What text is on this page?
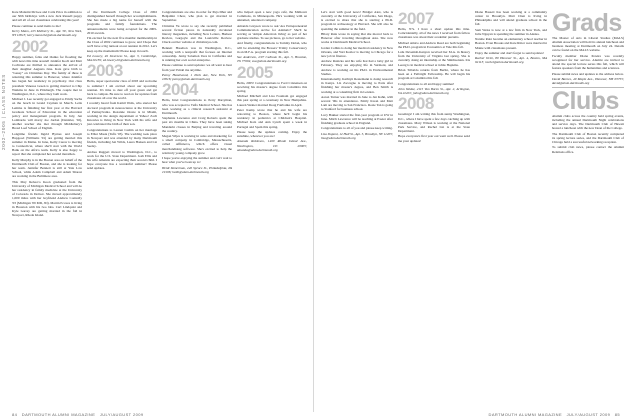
2002–2005 | CLASS NOTES

Kate Matteini McGee and Carla Price in addition to our 50th birthdays with a new Jack Russell puppy and tell all of our classmates celebrating this year!

Please continue to send items to me!

Kerry Mann, 225 Mulberry St., Apt. 5E, New York, NY 10013; kerry.mann.02@alum.dartmouth.org

2002

Happy summer, folks and thanks for flooding me with news this time around! Jennifer Koch and Matt Cochrane are thrilled to announce the arrival of their daughter Augusta Jane. Kate gave birth to "Gussy" on Christmas Day. The family of three is returning this summer to Hanover, where Jennifer has begun her residency in psychiatry. Our class president Vanessa Green is getting married to Chip Watkins in June in Pittsburgh. The couple met in Washington, D.C., where they both work.

Michael J. Lee recently got engaged to Emily Sachs on the beach in Grand Cayman in March. Leila Lemme is finishing her first year at the Harvard Graduate School of Education in the education policy and management program. In July, Jen Lombardo will marry Joe Jordan (Dantzler, '02), another teacher she met through Middlebury's Bread Loaf School of English.

Longtime friends Ingrid Byrnes and Joseph Hapgood (Williams '01) are getting married this summer in Maine. In June, Kelly Carew is moving to Connecticut, where she'll start with the World Bank on the Africa team. Kelly is also happy to report that she completed her second marathon.

Kelly Murphy is in the Boston area on behalf of the Dartmouth Club of Boston, and she is looking for her team. Jennifer Bennett is still at Yale Law School, while Adam Campbell and Adam Sharon are working in the Baltimore area.

This May Rebecca Koon graduated from the University of Michigan Medical School and will do her residency in family medicine at the University of Colorado in Denver. She moved approximately 1,000 miles with her boyfriend Andrew Connolly '03 (Michigan '09 MD, JD). Martin Ecoves is living in Houston with his two labs. Carl Lindquist and Kyle Garrey are getting married in the fall in Newport, Rhode Island.

of the Dartmouth College Class of 2002 distinguished herself through her accomplishments. She has made a big name for herself with the programs and family foundations. The announcements were being accepted for the 2009-2010 awards.

I'm excited for the next five months: membership in the Class of 2002 continues to grow, and I hope that we'll have a big turnout at our reunion in 2012. Let's keep up the momentum! Please keep in touch.

Ed Lowery, 49 Inverness St., Apt. 3, Cambridge, MA 02139; ed.lowery.02@alum.dartmouth.org

2003

Hello, super spectacular class of 2003 and welcome to summer! I am excited about our upcoming reunion. It's time to dust off your green and get back to campus. Be sure to read on for updates from classmates all over the world.

I recently heard from Kamil Wolk, who started her doctoral program in neuroscience at the University of Pennsylvania. Roxanne Oreste is in Miami, working in the design department at Yahoo! Zach Knowles is living in New York with his wife and just celebrated the birth of their son.

Congratulations to Lauren Cashin on her marriage to Elliot Masia (Tufts '03). The wedding took place in Newport and was attended by many Dartmouth friends, including Jen Wilds, Laura Hansen and Liz Seeley.

Andrea Ruggeri moved to Washington, D.C., to work for the U.S. State Department. Josh Ellis and his wife Amanda are expecting their second child. I hope everyone has a wonderful summer! Please send updates.

Congratulations are also in order for Puja Dhar and Benjamin Chew, who plan to get married in September.

Christina Yu wrote to say she recently published several fiction pieces in nationally circulated literary magazines, including New Letters, Hudson Review, Gargoyle and the Louisville Review. Check out her website at christinayu.com.

Bennett Haselton was in Washington, D.C., working with a nonprofit that focuses on Internet censorship. Jenny Salomon lives in California and is running her own social enterprise.

Please continue to send updates: we all want to hear from you! Email me anytime.

Penny Haselwood, 1 Park Ave, New York, NY 10016; penny@alum.dartmouth.org

2004

Hello, Intel Congratulations to Perry Darryman, who was accepted to Tufts Medical School. She has been working as a clinical research assistant at Dartmouth.

Stephanie Lawrence and Craig Roberts spent the past six months in China. They have been taking Mandarin classes in Beijing and traveling around the country.

Megan Wijes is working in sales and marketing for a small company in Cambridge, Massachusetts, called Affinnova, which offers visual merchandising software. She's excited to help the relatively young company grow.

I hope you're enjoying the summer and can't wait to hear what you've been up to!

Heidi Immerman, 240 Spruce St., Philadelphia, PA 19106; heidi@alum.dartmouth.org

who helped open a new yoga café, the Midtown Commons, in Minneapolis. He's working with an unnamed, unrelated company.

Amanda Grayson wrote to ask 'Are Entrepreneurial Communication Active for Animals?' She'll be serving as 'simple American living' as part of her graduate studies. To see pictures, go to her website.

And finally, congratulations to Tommy Dolan, who will be attending the Bowers' Trinity Conservatory in an M.F.A. program starting this fall.

Sue Anderson, 2/97 Calhoun St., Apt. 3, Houston, TX 77004; sue@alum.dartmouth.org

2005

Hello, 2005! Congratulations to Ford Cristensen on receiving his master's degree from Columbia this spring.

Michael Mitchell and Lisa Fountain got engaged this past spring at a ceremony in New Hampshire. Lauren Weiner married Doug Fairbanks in April.

Peter Kemp wrote that he and his wife are relocating to Boston, where he'll begin his residency in pediatrics at Children's Hospital. Michael Katz and Ann Lynch spent a week in Portugal and Spain this spring.

Please keep the updates coming. Enjoy the sunshine, wherever you are!

Amanda Robinson, 1400 Rhode Island Ave., Washington, DC 20005; amanda@alum.dartmouth.org

84 DARTMOUTH ALUMNI MAGAZINE JULY/AUGUST 2009

Let's start with good news! Bridget Alex, who is currently at the University of California, San Diego, is excited to share that she is starting a Ph.D. program in archaeology at Harvard. She will also be spending the summer in the field.

Hilary Rule wrote in saying that she moved back to Hanover after traveling throughout Asia. She now works at Dartmouth Medical School.

Jordan Collins is doing her medical residency in New Orleans, and Yuri Kozlov is moving to Chicago for a new job in finance.

Andrew Ruzicka and his wife Kat had a baby girl in February. They are enjoying life in Vermont, and Andrew is working on his Ph.D. in Environmental Studies.

Internationally, Kathryn Reatemann is doing research in Kenya. Liz Zaccagno is moving to Paris after finishing her master's degree, and Ben Smith is working at a consulting firm in London.

Aaron Turner was married in June to Jen Kahn, with several '06s in attendance. Emily Kwan and Matt Lam are moving to San Francisco. Rosie Tan is going to Stanford for business school.

Lucy Bakker started the first-year program at UW in June. Mitch Lawrence will be teaching at Exeter after finishing graduate school in England.

Congratulations to all of you and please keep writing.

Lisa Dupont, 12 Hall St., Apt. 5, Brooklyn, NY 11205; lisa@alum.dartmouth.org

2007

Hello, '07s. I have a short update this time. Coincidentally, all of the news I received from fellow classmates was about their academic pursuits.

Michael Amico and Andrew Reed are both beginning the Ph.D. program in Economics at Yale this fall.

Lulu Devenish-Kenyon received her M.A. in history from the University of Virginia last spring. She is currently doing an internship at the Smithsonian. Iris Leong is in medical school at Johns Hopkins.

Brian Tribaldo returns from Berlin, where he has been on a Fulbright Fellowship. He will begin his program at Columbia this fall.

Congratulations to all and happy summer!

John Valdez, 2115 Van Buren St., Apt. 2, Arlington, VA 22201; john@alum.dartmouth.org

2008

Greetings! I am writing this from sunny Washington, D.C., where I have spent a few days catching up with classmates. Mary Wilson is working at the National Park Service, and Rachel Lin is at the State Department.

Hope everyone's first year out went well. Please send me your updates!

Diana Bassett has been working at a community center in Brooklyn. Matt Chen is living in Philadelphia and will attend graduate school in the fall.

Sam Weiss is now at a law firm in New York, and Julie Nguyen is spending the summer in Alaska.

Natalie Ruiz became an elementary school teacher in Boston. Evan Brooks and Kate Ritter were married in Maine with classmates present.

Enjoy the summer and don't forget to send updates!

Rachel Ortiz, 80 Hanover St., Apt. 4, Boston, MA 02113; rachel@alum.dartmouth.org

Grads

The Master of Arts in Liberal Studies (MALS) Alumni Association will hold its annual luncheon and business meeting at Dartmouth on July 24. Details can be found on the MALS website.

Faculty member Diana Pereira was recently recognized for her service. Alumni are invited to attend the special lecture series this fall, which will feature speakers from the humanities and sciences.

Please submit news and updates to the address below.

David Barnes, 49 Maple Ave., Hanover, NH 03755; david@alum.dartmouth.org

Clubs

Alumni clubs across the country held spring events, including the annual Dartmouth Night celebrations and service days. The Dartmouth Club of Hawaii hosted a luncheon with the new Dean of the College.

The Dartmouth Club of Boston recently completed its spring lecture series, and the Dartmouth Club of Chicago held a successful networking reception.

To submit club news, please contact the Alumni Relations office.

DARTMOUTH ALUMNI MAGAZINE JULY/AUGUST 2009 85
